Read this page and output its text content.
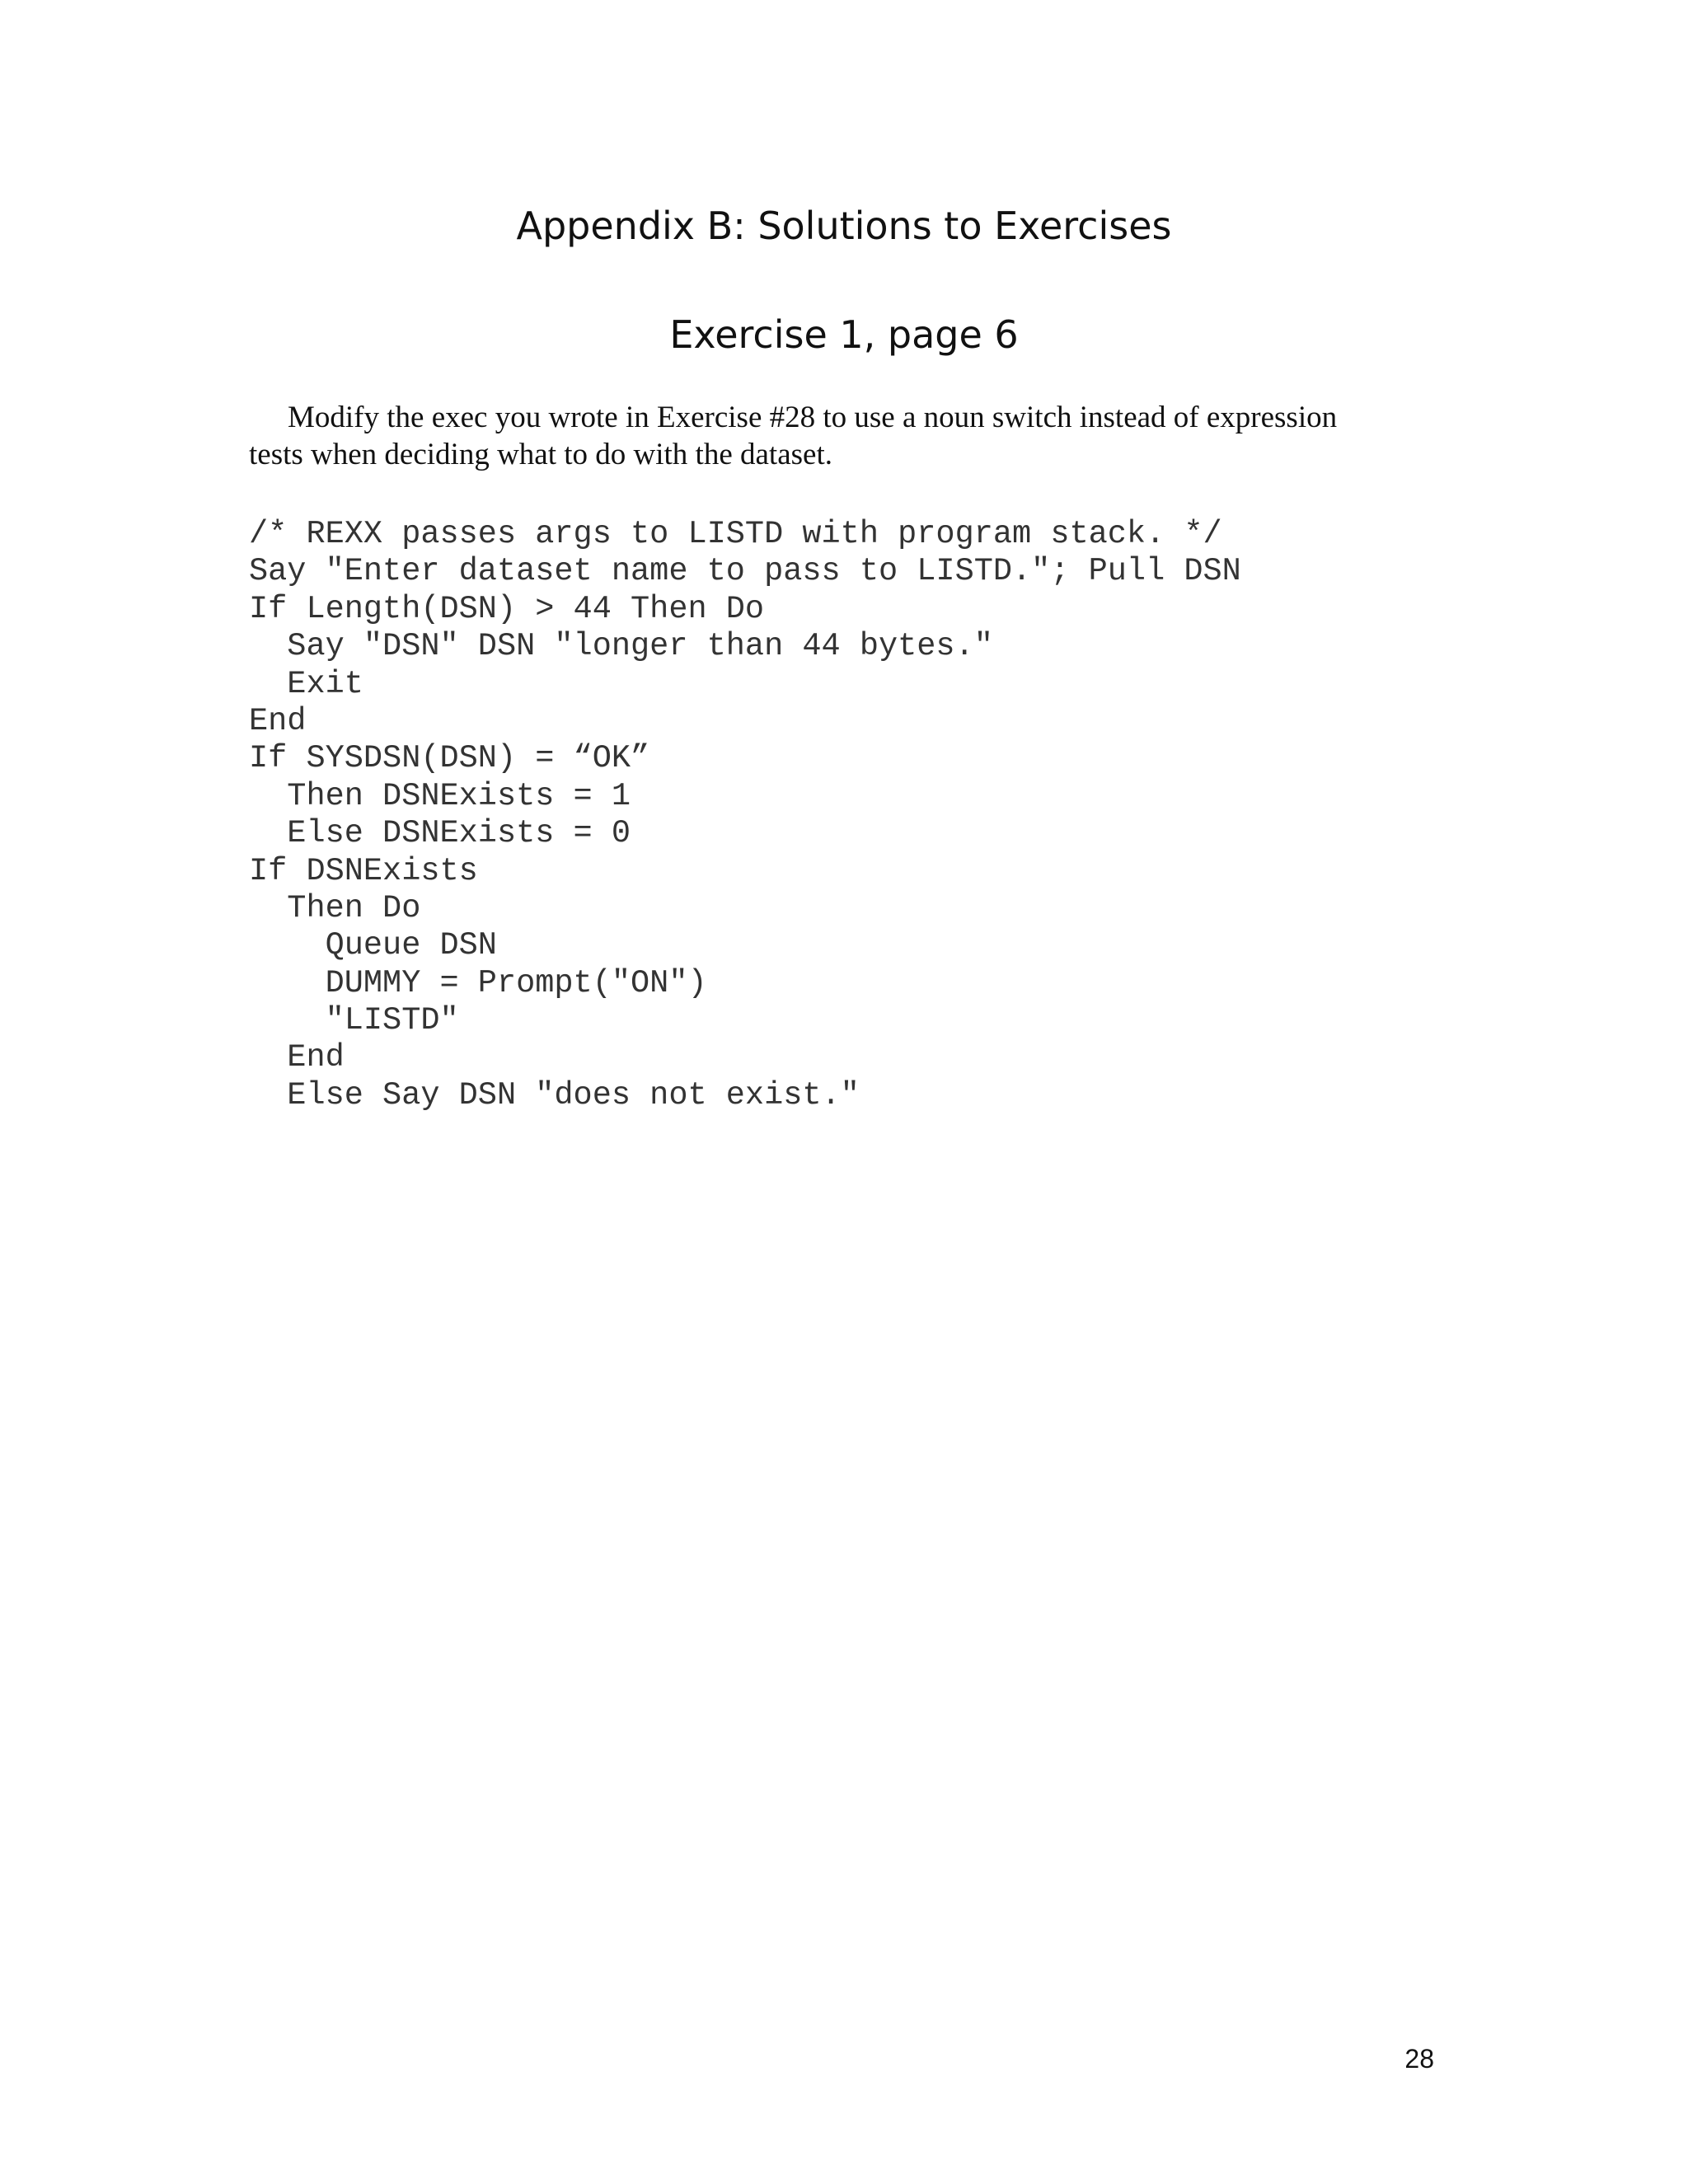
Appendix B: Solutions to Exercises
Exercise 1, page 6

Modify the exec you wrote in Exercise #28 to use a noun switch instead of expression
tests when deciding what to do with the dataset.

/* REXX passes args to LISTD with program stack. */
Say "Enter dataset name to pass to LISTD."; Pull DSN
If Length(DSN) > 44 Then Do
Say "DSN" DSN "longer than 44 bytes."
Exit
End
If SYSDSN(DSN) = “OK”
Then DSNExists = 1
Else DSNExists = 0
If DSNExists
Then Do
Queue DSN
DUMMY = Prompt("ON")
"LISTD"
End
Else Say DSN "does not exist."
28
